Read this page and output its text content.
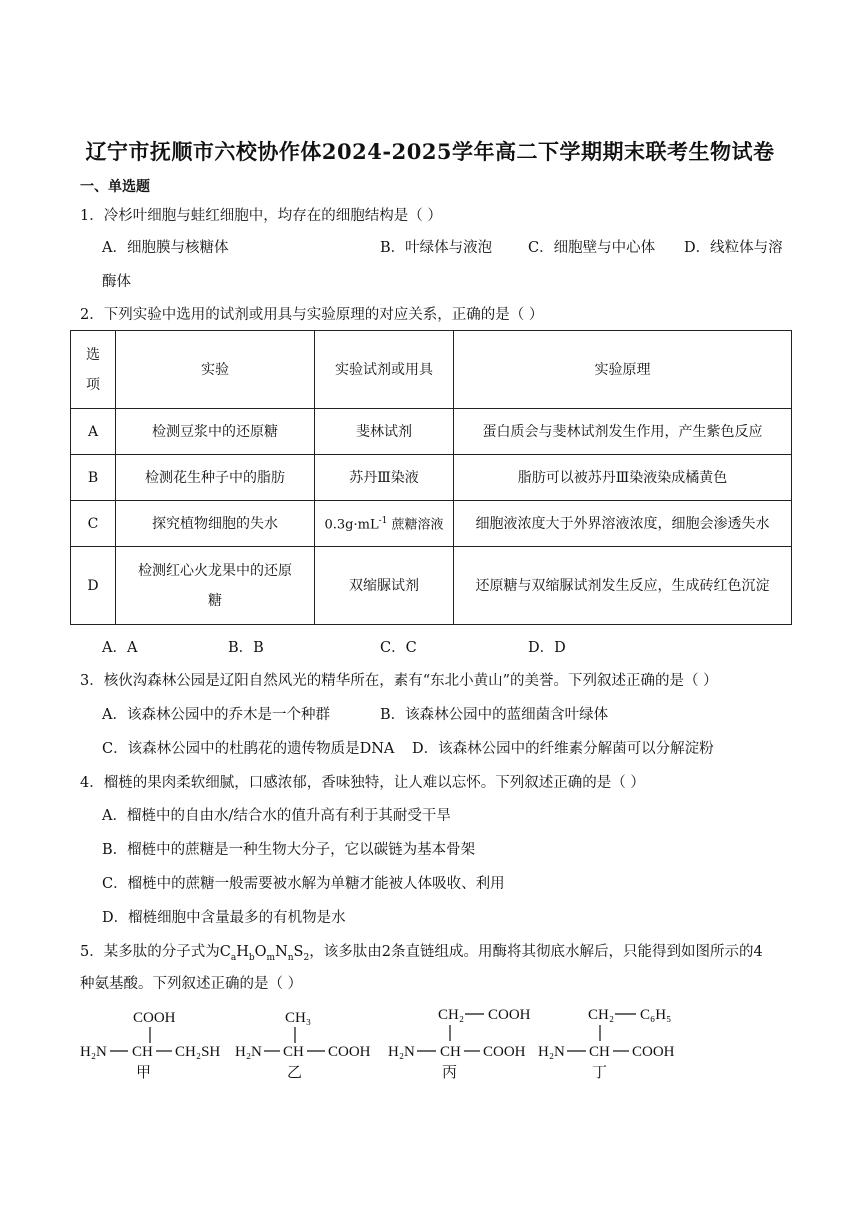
辽宁市抚顺市六校协作体2024-2025学年高二下学期期末联考生物试卷
一、单选题
1．冷杉叶细胞与蛙红细胞中，均存在的细胞结构是（ ）
A．细胞膜与核糖体	B．叶绿体与液泡 C．细胞壁与中心体 D．线粒体与溶
酶体
2．下列实验中选用的试剂或用具与实验原理的对应关系，正确的是（ ）
选
项	实验	实验试剂或用具	实验原理
A	检测豆浆中的还原糖	斐林试剂	蛋白质会与斐林试剂发生作用，产生紫色反应
B	检测花生种子中的脂肪	苏丹Ⅲ染液	脂肪可以被苏丹Ⅲ染液染成橘黄色
C	探究植物细胞的失水	$0.3g\cdot mL^{-1}$ 蔗糖溶液	细胞液浓度大于外界溶液浓度，细胞会渗透失水
D	检测红心火龙果中的还原
糖	双缩脲试剂	还原糖与双缩脲试剂发生反应，生成砖红色沉淀
A．A	B．B	C．C	D．D
3．核伙沟森林公园是辽阳自然风光的精华所在，素有“东北小黄山”的美誉。下列叙述正确的是（ ）
A．该森林公园中的乔木是一个种群	B．该森林公园中的蓝细菌含叶绿体
C．该森林公园中的杜鹃花的遗传物质是DNA D．该森林公园中的纤维素分解菌可以分解淀粉
4．榴梿的果肉柔软细腻，口感浓郁，香味独特，让人难以忘怀。下列叙述正确的是（ ）
A．榴梿中的自由水/结合水的值升高有利于其耐受干旱
B．榴梿中的蔗糖是一种生物大分子，它以碳链为基本骨架
C．榴梿中的蔗糖一般需要被水解为单糖才能被人体吸收、利用
D．榴梿细胞中含量最多的有机物是水
5．某多肽的分子式为$C_aH_bO_mN_nS_2$，该多肽由2条直链组成。用酶将其彻底水解后，只能得到如图所示的4
种氨基酸。下列叙述正确的是（ ）
COOH
H₂N CH CH₂SH
甲
CH₃
H₂N CH COOH
乙
CH₂ COOH
H₂N CH COOH
丙
CH₂ C₆H₅
H₂N CH COOH
丁
